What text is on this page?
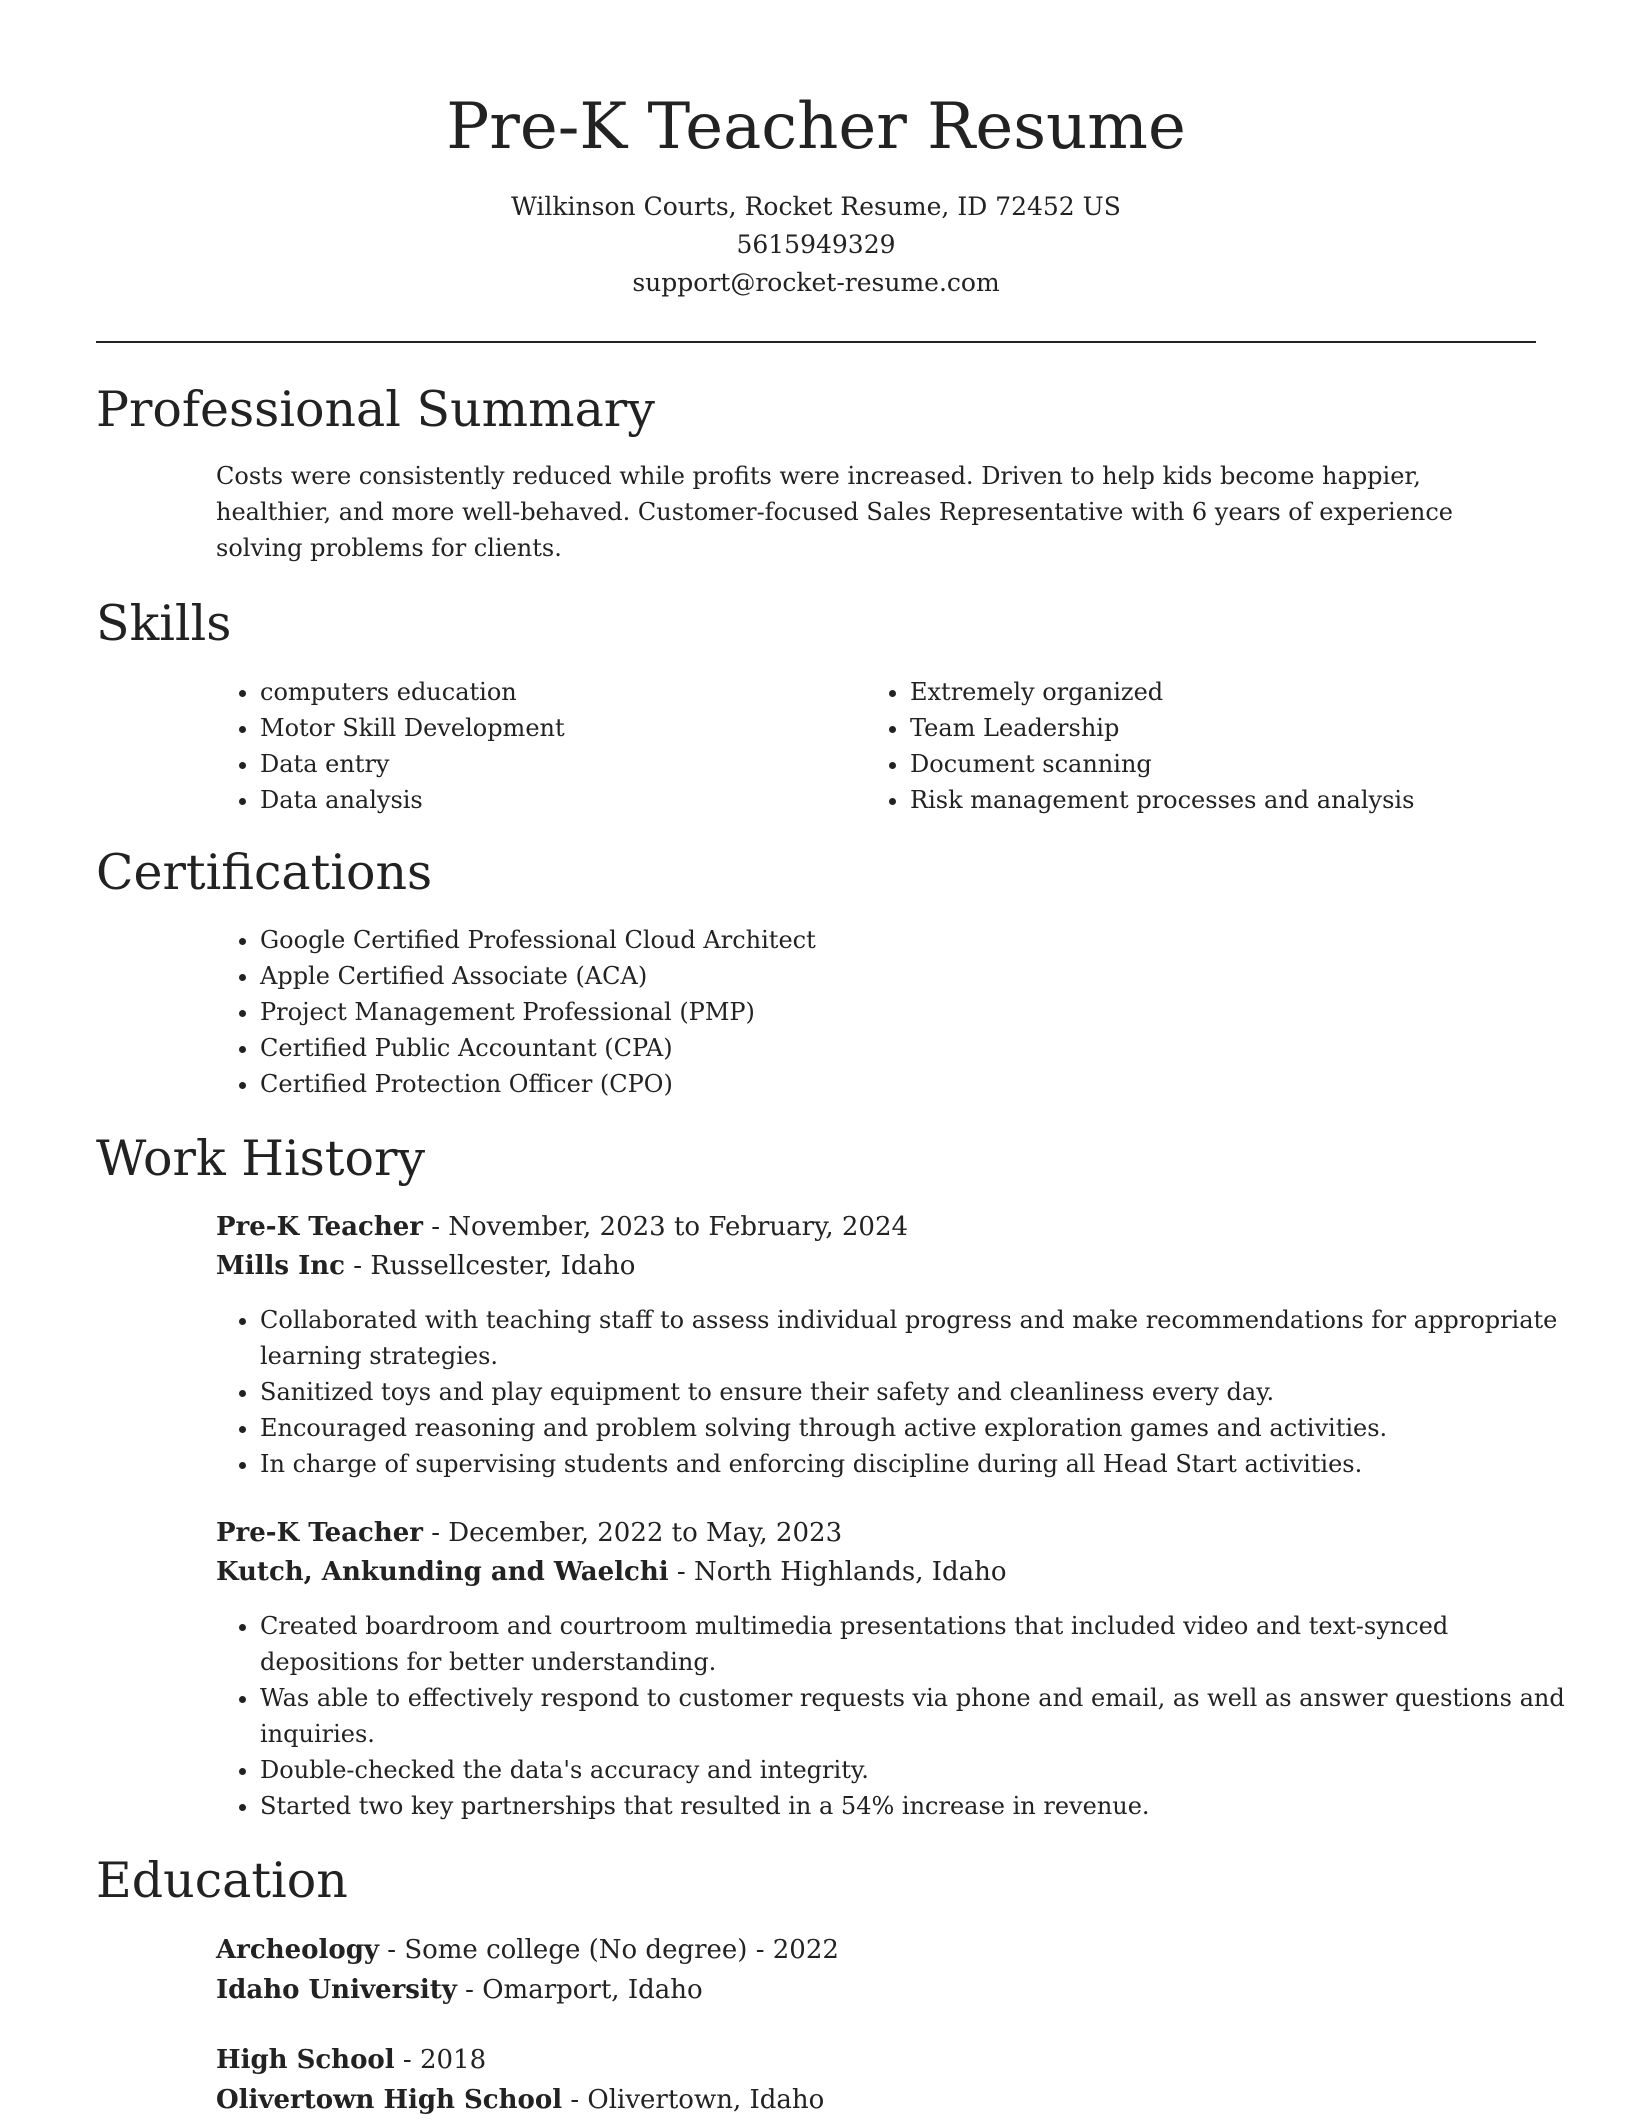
Pre-K Teacher Resume
Wilkinson Courts, Rocket Resume, ID 72452 US
5615949329
support@rocket-resume.com
Professional Summary

Costs were consistently reduced while profits were increased. Driven to help kids become happier, healthier, and more well-behaved. Customer-focused Sales Representative with 6 years of experience solving problems for clients.

Skills
• computers education
• Motor Skill Development
• Data entry
• Data analysis
• Extremely organized
• Team Leadership
• Document scanning
• Risk management processes and analysis
Certifications
• Google Certified Professional Cloud Architect
• Apple Certified Associate (ACA)
• Project Management Professional (PMP)
• Certified Public Accountant (CPA)
• Certified Protection Officer (CPO)
Work History
Pre-K Teacher - November, 2023 to February, 2024
Mills Inc - Russellcester, Idaho
• Collaborated with teaching staff to assess individual progress and make recommendations for appropriate learning strategies.
• Sanitized toys and play equipment to ensure their safety and cleanliness every day.
• Encouraged reasoning and problem solving through active exploration games and activities.
• In charge of supervising students and enforcing discipline during all Head Start activities.
Pre-K Teacher - December, 2022 to May, 2023
Kutch, Ankunding and Waelchi - North Highlands, Idaho
• Created boardroom and courtroom multimedia presentations that included video and text-synced depositions for better understanding.
• Was able to effectively respond to customer requests via phone and email, as well as answer questions and inquiries.
• Double-checked the data's accuracy and integrity.
• Started two key partnerships that resulted in a 54% increase in revenue.
Education
Archeology - Some college (No degree) - 2022
Idaho University - Omarport, Idaho
High School - 2018
Olivertown High School - Olivertown, Idaho
